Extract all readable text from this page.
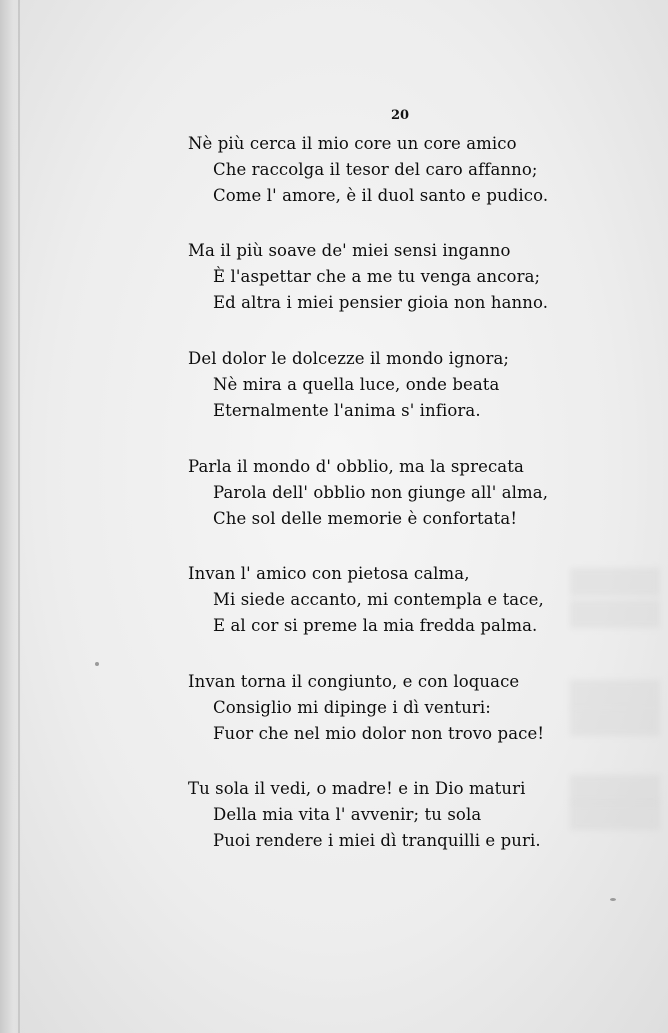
20
Nè più cerca il mio core un core amico
Che raccolga il tesor del caro affanno;
Come l' amore, è il duol santo e pudico.
Ma il più soave de' miei sensi inganno
È l'aspettar che a me tu venga ancora;
Ed altra i miei pensier gioia non hanno.
Del dolor le dolcezze il mondo ignora;
Nè mira a quella luce, onde beata
Eternalmente l'anima s' infiora.
Parla il mondo d' obblio, ma la sprecata
Parola dell' obblio non giunge all' alma,
Che sol delle memorie è confortata!
Invan l' amico con pietosa calma,
Mi siede accanto, mi contempla e tace,
E al cor si preme la mia fredda palma.
Invan torna il congiunto, e con loquace
Consiglio mi dipinge i dì venturi:
Fuor che nel mio dolor non trovo pace!
Tu sola il vedi, o madre! e in Dio maturi
Della mia vita l' avvenir; tu sola
Puoi rendere i miei dì tranquilli e puri.
